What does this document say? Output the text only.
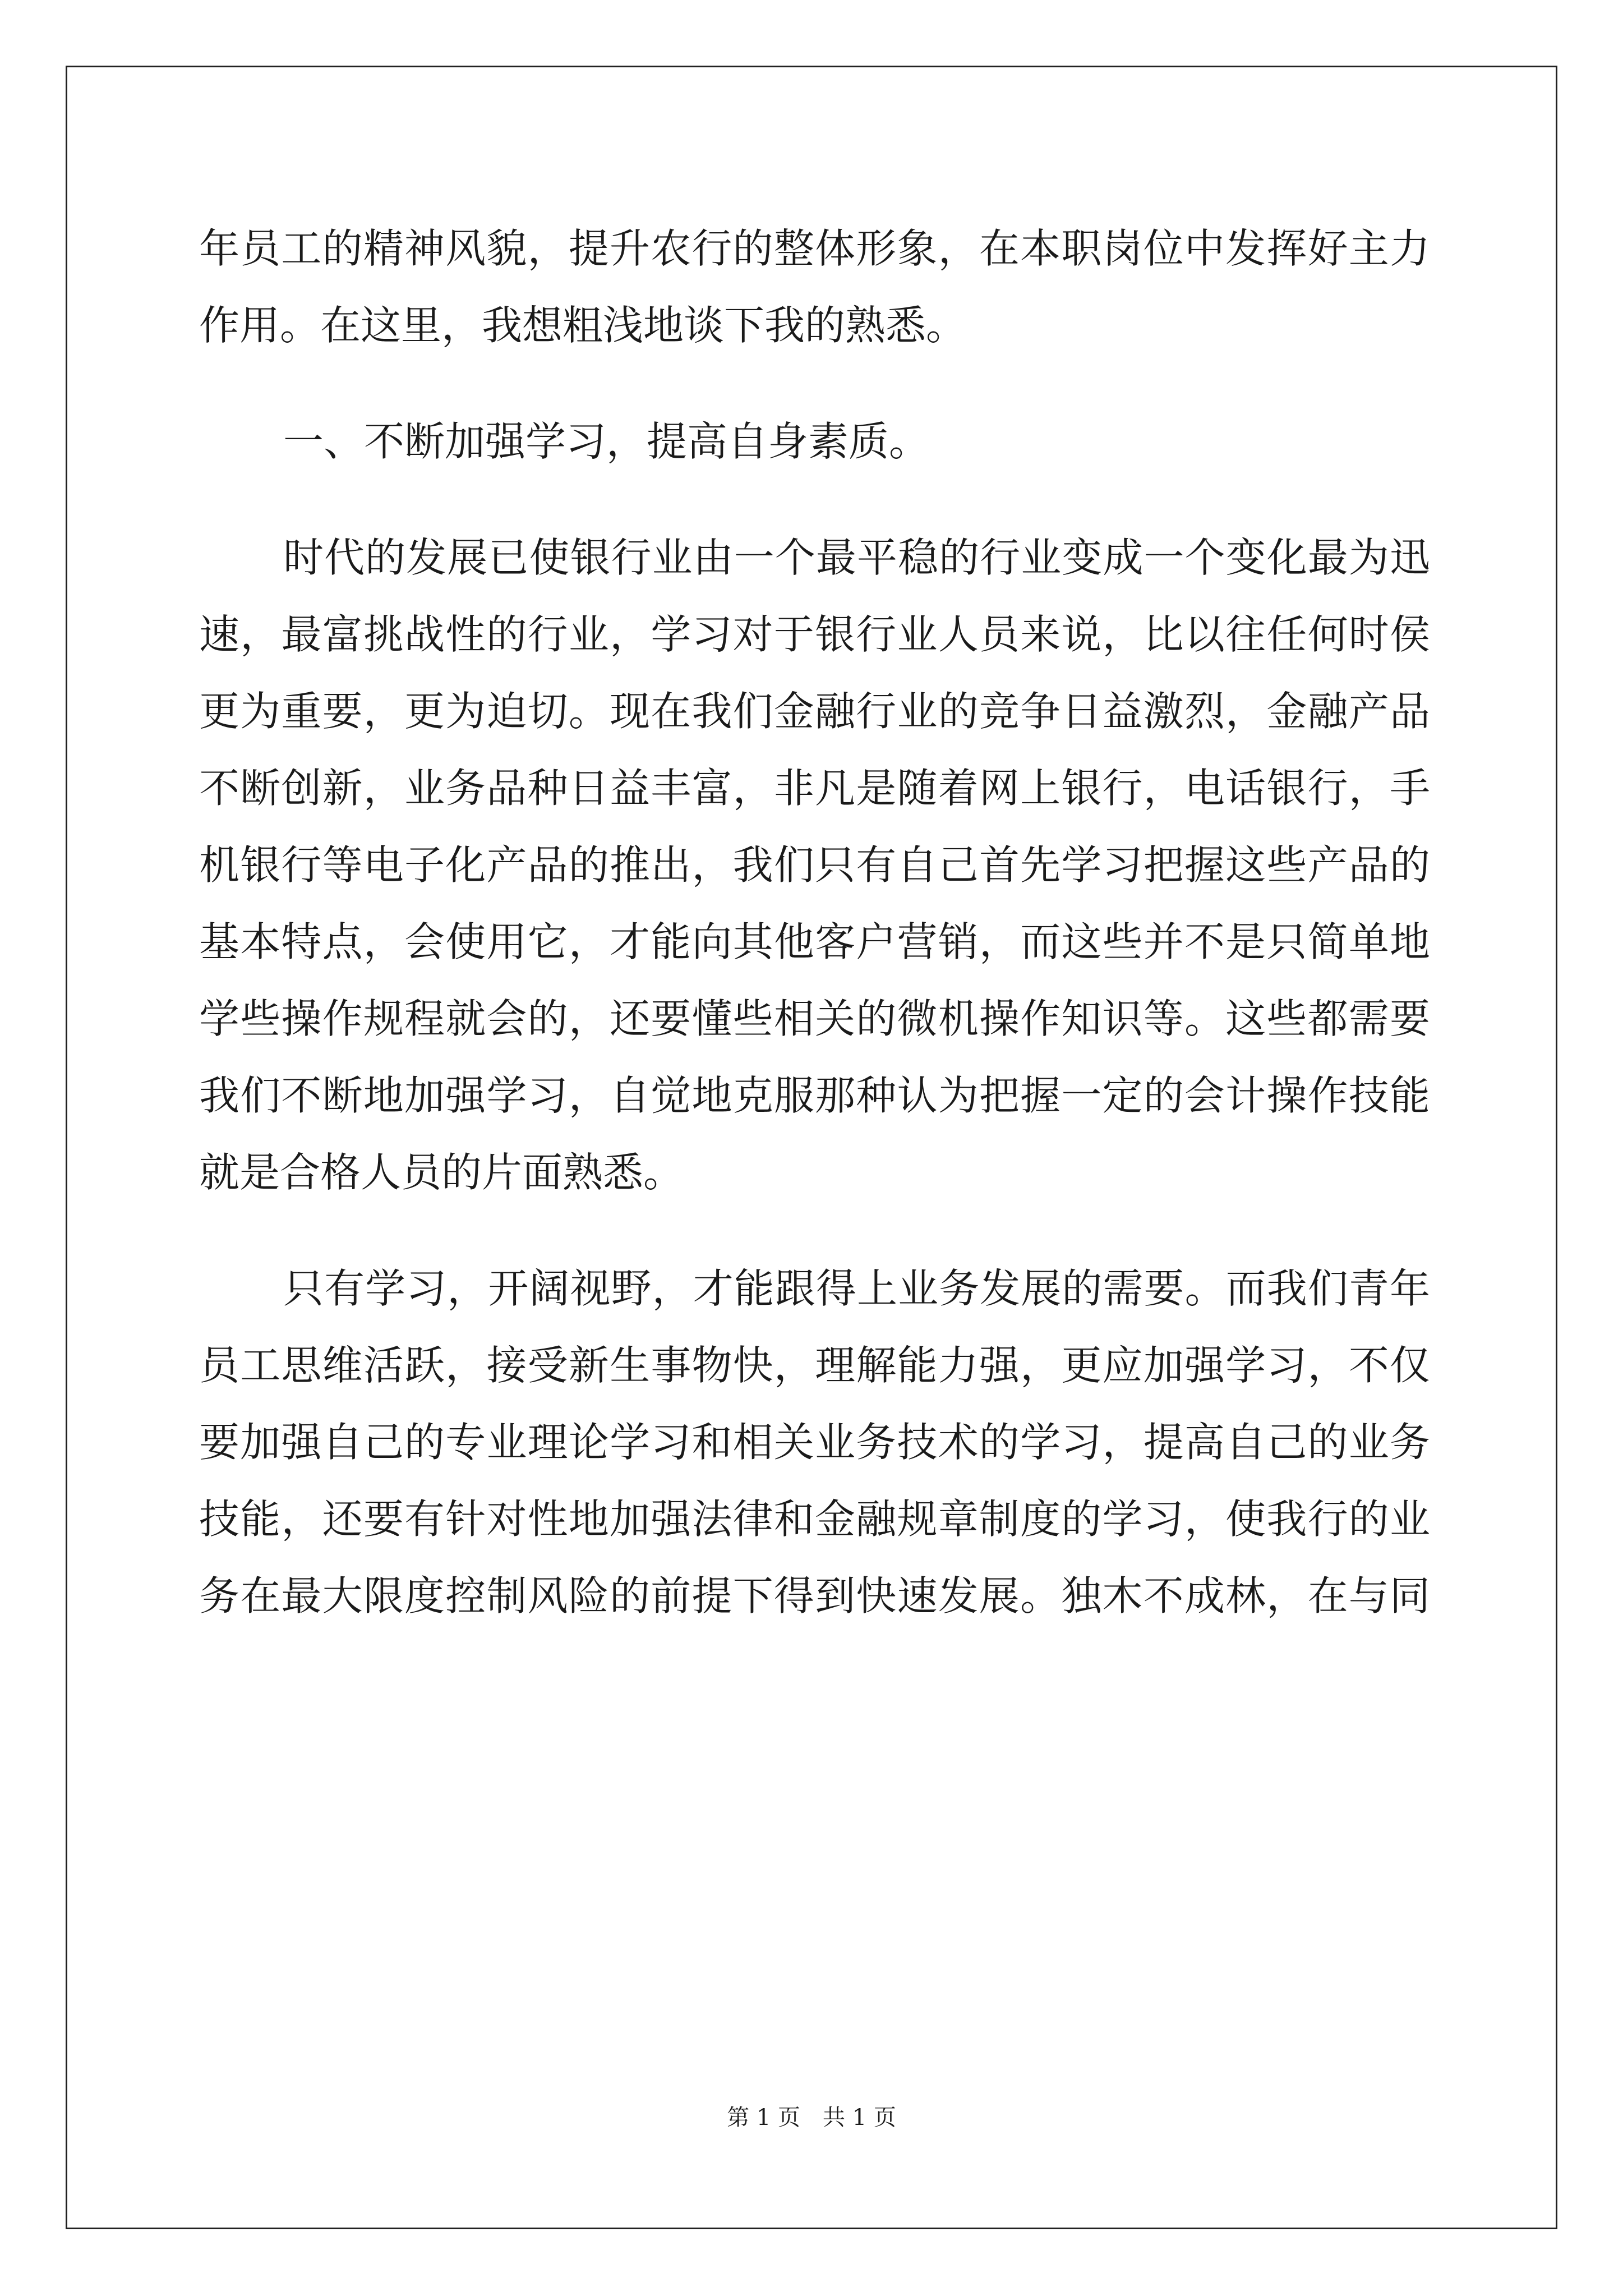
年员工的精神风貌，提升农行的整体形象，在本职岗位中发挥好主力
作用。在这里，我想粗浅地谈下我的熟悉。
一、不断加强学习，提高自身素质。
时代的发展已使银行业由一个最平稳的行业变成一个变化最为迅
速，最富挑战性的行业，学习对于银行业人员来说，比以往任何时侯
更为重要，更为迫切。现在我们金融行业的竞争日益激烈，金融产品
不断创新，业务品种日益丰富，非凡是随着网上银行，电话银行，手
机银行等电子化产品的推出，我们只有自己首先学习把握这些产品的
基本特点，会使用它，才能向其他客户营销，而这些并不是只简单地
学些操作规程就会的，还要懂些相关的微机操作知识等。这些都需要
我们不断地加强学习，自觉地克服那种认为把握一定的会计操作技能
就是合格人员的片面熟悉。
只有学习，开阔视野，才能跟得上业务发展的需要。而我们青年
员工思维活跃，接受新生事物快，理解能力强，更应加强学习，不仅
要加强自己的专业理论学习和相关业务技术的学习，提高自己的业务
技能，还要有针对性地加强法律和金融规章制度的学习，使我行的业
务在最大限度控制风险的前提下得到快速发展。独木不成林，在与同
第 1 页　共 1 页
